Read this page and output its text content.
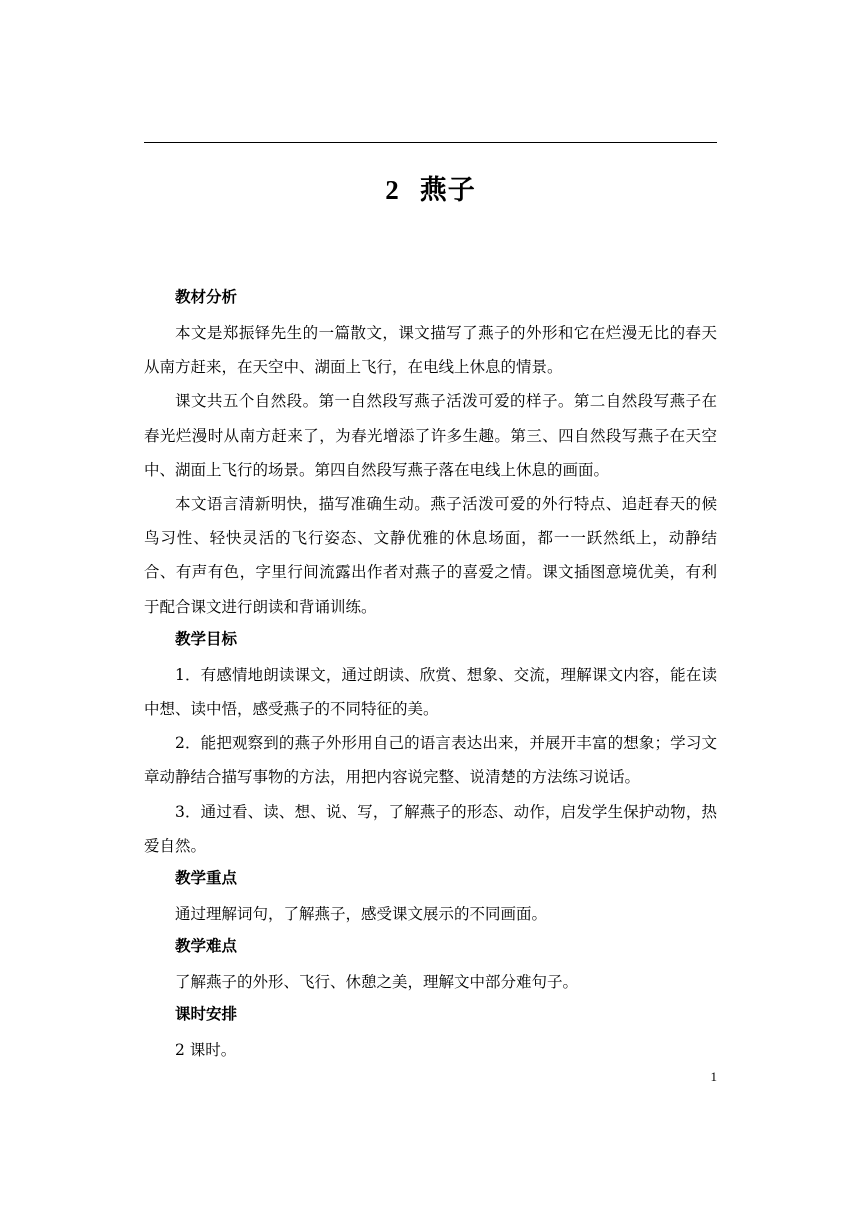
2 燕子
教材分析

本文是郑振铎先生的一篇散文，课文描写了燕子的外形和它在烂漫无比的春天从南方赶来，在天空中、湖面上飞行，在电线上休息的情景。

课文共五个自然段。第一自然段写燕子活泼可爱的样子。第二自然段写燕子在春光烂漫时从南方赶来了，为春光增添了许多生趣。第三、四自然段写燕子在天空中、湖面上飞行的场景。第四自然段写燕子落在电线上休息的画面。

本文语言清新明快，描写准确生动。燕子活泼可爱的外行特点、追赶春天的候鸟习性、轻快灵活的飞行姿态、文静优雅的休息场面，都一一跃然纸上，动静结合、有声有色，字里行间流露出作者对燕子的喜爱之情。课文插图意境优美，有利于配合课文进行朗读和背诵训练。

教学目标

1．有感情地朗读课文，通过朗读、欣赏、想象、交流，理解课文内容，能在读中想、读中悟，感受燕子的不同特征的美。

2．能把观察到的燕子外形用自己的语言表达出来，并展开丰富的想象；学习文章动静结合描写事物的方法，用把内容说完整、说清楚的方法练习说话。

3．通过看、读、想、说、写，了解燕子的形态、动作，启发学生保护动物，热爱自然。

教学重点

通过理解词句，了解燕子，感受课文展示的不同画面。

教学难点

了解燕子的外形、飞行、休憩之美，理解文中部分难句子。

课时安排

2 课时。

1
